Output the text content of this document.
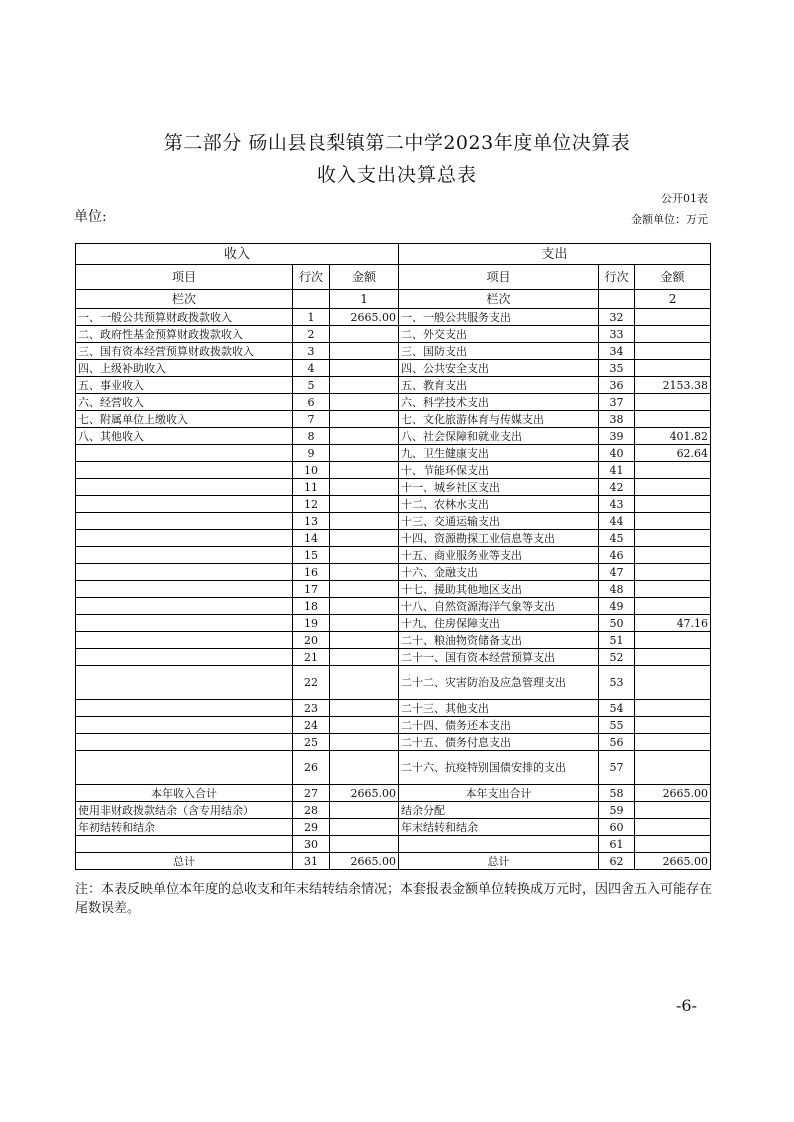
第二部分 砀山县良梨镇第二中学2023年度单位决算表
收入支出决算总表
公开01表
单位:	金额单位：万元
收入			支出		
项目	行次	金额	项目	行次	金额
栏次		1	栏次		2
一、一般公共预算财政拨款收入	1	2665.00	一、一般公共服务支出	32	
二、政府性基金预算财政拨款收入	2		二、外交支出	33	
三、国有资本经营预算财政拨款收入	3		三、国防支出	34	
四、上级补助收入	4		四、公共安全支出	35	
五、事业收入	5		五、教育支出	36	2153.38
六、经营收入	6		六、科学技术支出	37	
七、附属单位上缴收入	7		七、文化旅游体育与传媒支出	38	
八、其他收入	8		八、社会保障和就业支出	39	401.82
	9		九、卫生健康支出	40	62.64
	10		十、节能环保支出	41	
	11		十一、城乡社区支出	42	
	12		十二、农林水支出	43	
	13		十三、交通运输支出	44	
	14		十四、资源勘探工业信息等支出	45	
	15		十五、商业服务业等支出	46	
	16		十六、金融支出	47	
	17		十七、援助其他地区支出	48	
	18		十八、自然资源海洋气象等支出	49	
	19		十九、住房保障支出	50	47.16
	20		二十、粮油物资储备支出	51	
	21		二十一、国有资本经营预算支出	52	
	22		二十二、灾害防治及应急管理支出	53	
	23		二十三、其他支出	54	
	24		二十四、债务还本支出	55	
	25		二十五、债务付息支出	56	
	26		二十六、抗疫特别国债安排的支出	57	
本年收入合计	27	2665.00	本年支出合计	58	2665.00
使用非财政拨款结余（含专用结余）	28		结余分配	59	
年初结转和结余	29		年末结转和结余	60	
	30			61	
总计	31	2665.00	总计	62	2665.00
注：本表反映单位本年度的总收支和年末结转结余情况；本套报表金额单位转换成万元时，因四舍五入可能存在尾数误差。
-6-
